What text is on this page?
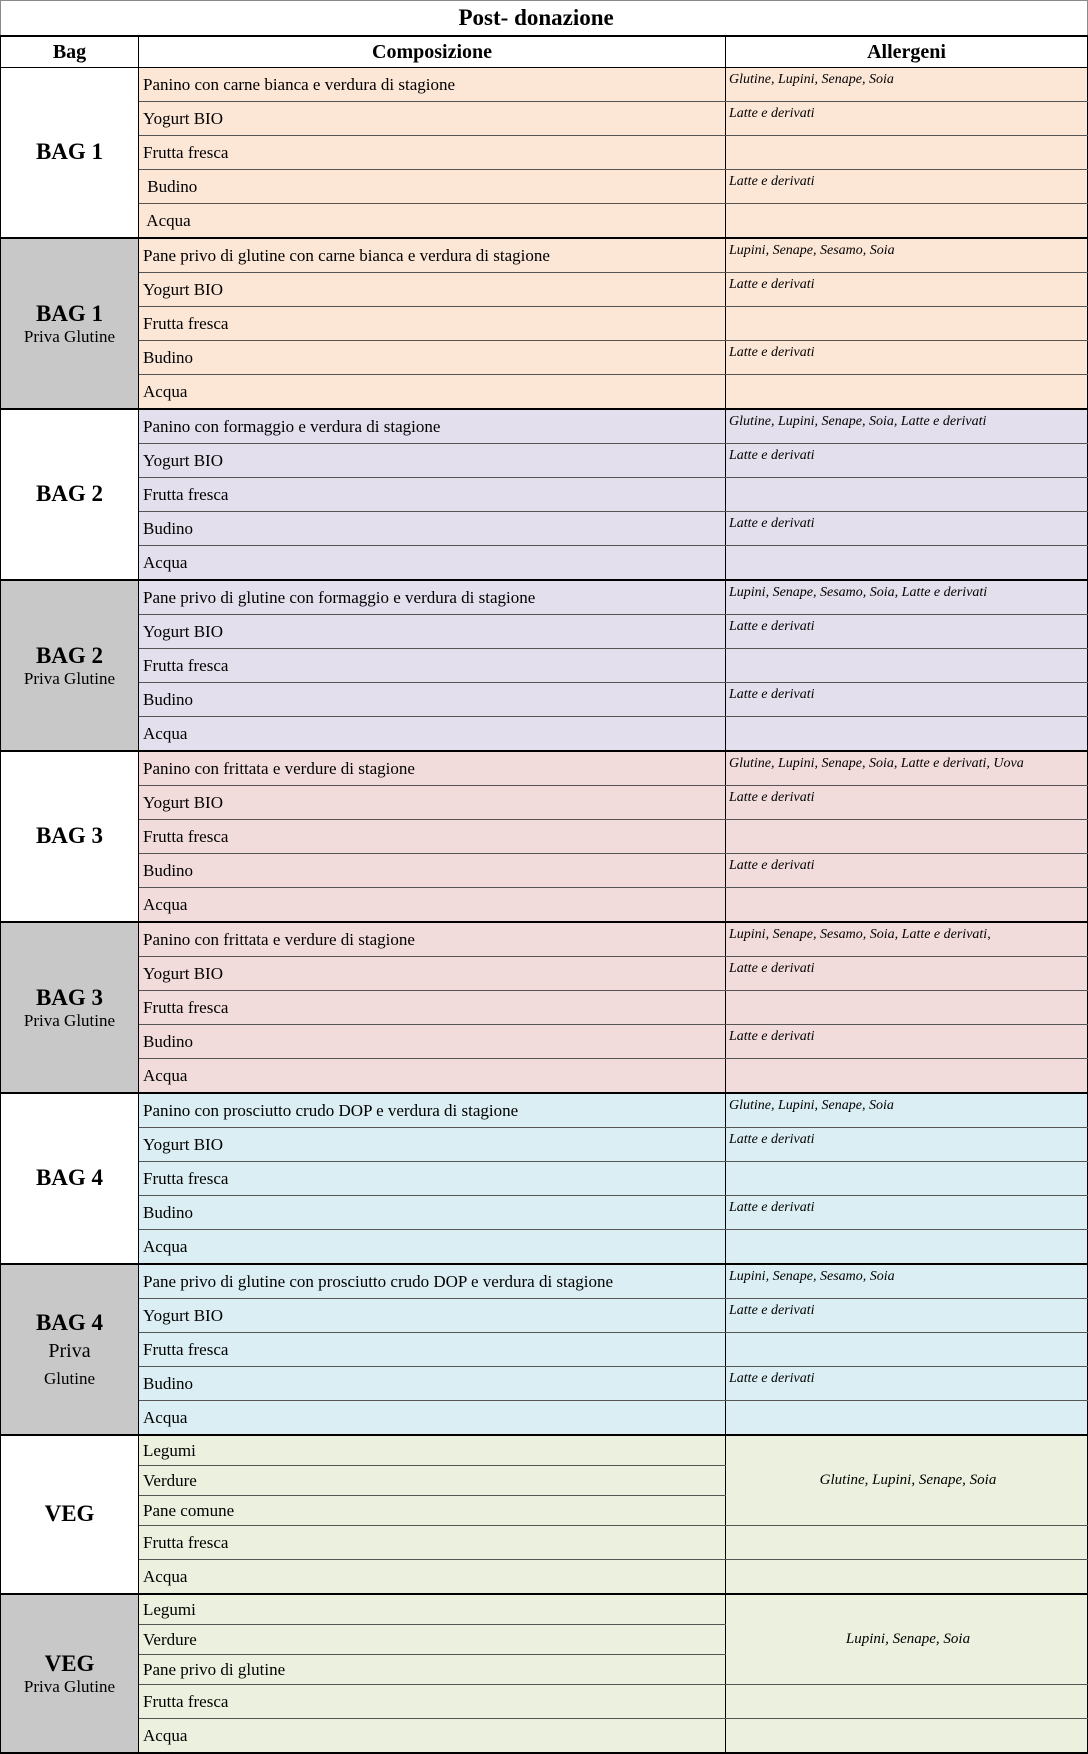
	Post- donazione	
Bag	Composizione	Allergeni

BAG 1	Panino con carne bianca e verdura di stagione	Glutine, Lupini, Senape, Soia
	Yogurt BIO	Latte e derivati
	Frutta fresca	
	Budino	Latte e derivati
	Acqua	

BAG 1
Priva Glutine	Pane privo di glutine con carne bianca e verdura di stagione	Lupini, Senape, Sesamo, Soia
	Yogurt BIO	Latte e derivati
	Frutta fresca	
	Budino	Latte e derivati
	Acqua	

BAG 2	Panino con formaggio e verdura di stagione	Glutine, Lupini, Senape, Soia, Latte e derivati
	Yogurt BIO	Latte e derivati
	Frutta fresca	
	Budino	Latte e derivati
	Acqua	

BAG 2
Priva Glutine	Pane privo di glutine con formaggio e verdura di stagione	Lupini, Senape, Sesamo, Soia, Latte e derivati
	Yogurt BIO	Latte e derivati
	Frutta fresca	
	Budino	Latte e derivati
	Acqua	

BAG 3	Panino con frittata e verdure di stagione	Glutine, Lupini, Senape, Soia, Latte e derivati, Uova
	Yogurt BIO	Latte e derivati
	Frutta fresca	
	Budino	Latte e derivati
	Acqua	

BAG 3
Priva Glutine	Panino con frittata e verdure di stagione	Lupini, Senape, Sesamo, Soia, Latte e derivati,
	Yogurt BIO	Latte e derivati
	Frutta fresca	
	Budino	Latte e derivati
	Acqua	

BAG 4	Panino con prosciutto crudo DOP e verdura di stagione	Glutine, Lupini, Senape, Soia
	Yogurt BIO	Latte e derivati
	Frutta fresca	
	Budino	Latte e derivati
	Acqua	

BAG 4
Priva
Glutine	Pane privo di glutine con prosciutto crudo DOP e verdura di stagione	Lupini, Senape, Sesamo, Soia
	Yogurt BIO	Latte e derivati
	Frutta fresca	
	Budino	Latte e derivati
	Acqua	

VEG	Legumi	Glutine, Lupini, Senape, Soia
	Verdure	
	Pane comune	
	Frutta fresca	
	Acqua	

VEG
Priva Glutine	Legumi	Lupini, Senape, Soia
	Verdure	
	Pane privo di glutine	
	Frutta fresca	
	Acqua	
